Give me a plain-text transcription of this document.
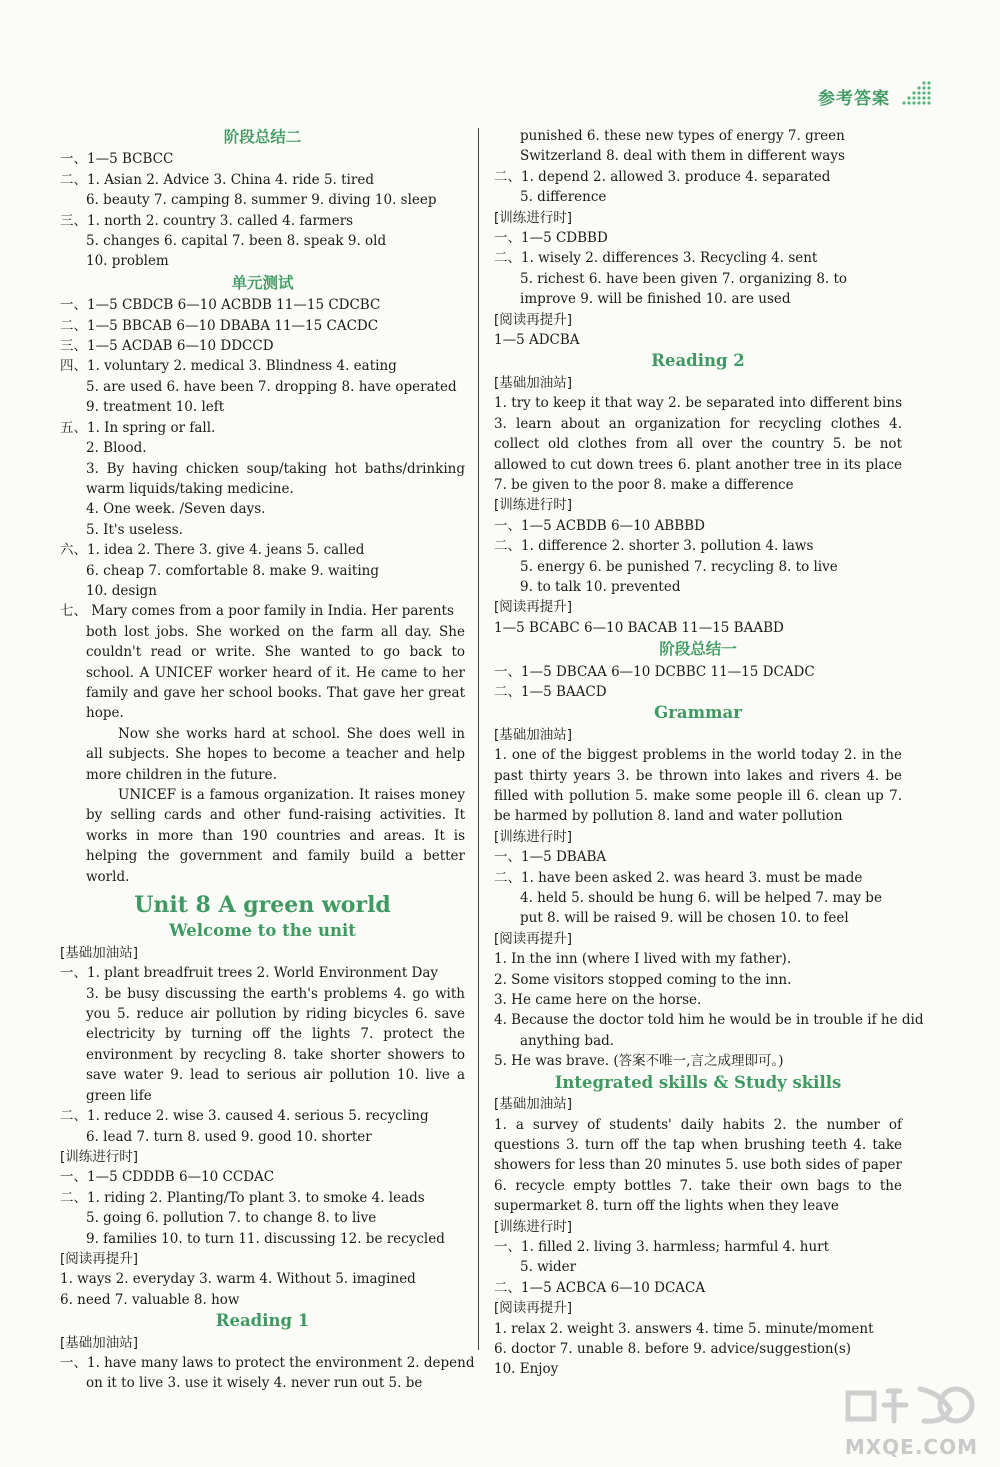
参考答案
阶段总结二
一、1—5 BCBCC
二、1. Asian 2. Advice 3. China 4. ride 5. tired
6. beauty 7. camping 8. summer 9. diving 10. sleep
三、1. north 2. country 3. called 4. farmers
5. changes 6. capital 7. been 8. speak 9. old
10. problem
单元测试
一、1—5 CBDCB 6—10 ACBDB 11—15 CDCBC
二、1—5 BBCAB 6—10 DBABA 11—15 CACDC
三、1—5 ACDAB 6—10 DDCCD
四、1. voluntary 2. medical 3. Blindness 4. eating
5. are used 6. have been 7. dropping 8. have operated
9. treatment 10. left
五、1. In spring or fall.
2. Blood.
3. By having chicken soup/taking hot baths/drinking warm liquids/taking medicine.
4. One week. /Seven days.
5. It's useless.
六、1. idea 2. There 3. give 4. jeans 5. called
6. cheap 7. comfortable 8. make 9. waiting
10. design
七、 Mary comes from a poor family in India. Her parents
both lost jobs. She worked on the farm all day. She couldn't read or write. She wanted to go back to school. A UNICEF worker heard of it. He came to her family and gave her school books. That gave her great hope.
Now she works hard at school. She does well in all subjects. She hopes to become a teacher and help more children in the future.
UNICEF is a famous organization. It raises money by selling cards and other fund-raising activities. It works in more than 190 countries and areas. It is helping the government and family build a better world.
Unit 8 A green world
Welcome to the unit
[基础加油站]
一、1. plant breadfruit trees 2. World Environment Day
3. be busy discussing the earth's problems 4. go with you 5. reduce air pollution by riding bicycles 6. save electricity by turning off the lights 7. protect the environment by recycling 8. take shorter showers to save water 9. lead to serious air pollution 10. live a green life
二、1. reduce 2. wise 3. caused 4. serious 5. recycling
6. lead 7. turn 8. used 9. good 10. shorter
[训练进行时]
一、1—5 CDDDB 6—10 CCDAC
二、1. riding 2. Planting/To plant 3. to smoke 4. leads
5. going 6. pollution 7. to change 8. to live
9. families 10. to turn 11. discussing 12. be recycled
[阅读再提升]
1. ways 2. everyday 3. warm 4. Without 5. imagined
6. need 7. valuable 8. how
Reading 1
[基础加油站]
一、1. have many laws to protect the environment 2. depend
on it to live 3. use it wisely 4. never run out 5. be
punished 6. these new types of energy 7. green
Switzerland 8. deal with them in different ways
二、1. depend 2. allowed 3. produce 4. separated
5. difference
[训练进行时]
一、1—5 CDBBD
二、1. wisely 2. differences 3. Recycling 4. sent
5. richest 6. have been given 7. organizing 8. to
improve 9. will be finished 10. are used
[阅读再提升]
1—5 ADCBA
Reading 2
[基础加油站]
1. try to keep it that way 2. be separated into different bins 3. learn about an organization for recycling clothes 4. collect old clothes from all over the country 5. be not allowed to cut down trees 6. plant another tree in its place 7. be given to the poor 8. make a difference
[训练进行时]
一、1—5 ACBDB 6—10 ABBBD
二、1. difference 2. shorter 3. pollution 4. laws
5. energy 6. be punished 7. recycling 8. to live
9. to talk 10. prevented
[阅读再提升]
1—5 BCABC 6—10 BACAB 11—15 BAABD
阶段总结一
一、1—5 DBCAA 6—10 DCBBC 11—15 DCADC
二、1—5 BAACD
Grammar
[基础加油站]
1. one of the biggest problems in the world today 2. in the past thirty years 3. be thrown into lakes and rivers 4. be filled with pollution 5. make some people ill 6. clean up 7. be harmed by pollution 8. land and water pollution
[训练进行时]
一、1—5 DBABA
二、1. have been asked 2. was heard 3. must be made
4. held 5. should be hung 6. will be helped 7. may be
put 8. will be raised 9. will be chosen 10. to feel
[阅读再提升]
1. In the inn (where I lived with my father).
2. Some visitors stopped coming to the inn.
3. He came here on the horse.
4. Because the doctor told him he would be in trouble if he did
anything bad.
5. He was brave. (答案不唯一,言之成理即可。)
Integrated skills & Study skills
[基础加油站]
1. a survey of students' daily habits 2. the number of questions 3. turn off the tap when brushing teeth 4. take showers for less than 20 minutes 5. use both sides of paper 6. recycle empty bottles 7. take their own bags to the supermarket 8. turn off the lights when they leave
[训练进行时]
一、1. filled 2. living 3. harmless; harmful 4. hurt
5. wider
二、1—5 ACBCA 6—10 DCACA
[阅读再提升]
1. relax 2. weight 3. answers 4. time 5. minute/moment
6. doctor 7. unable 8. before 9. advice/suggestion(s)
10. Enjoy
MXQE.COM
